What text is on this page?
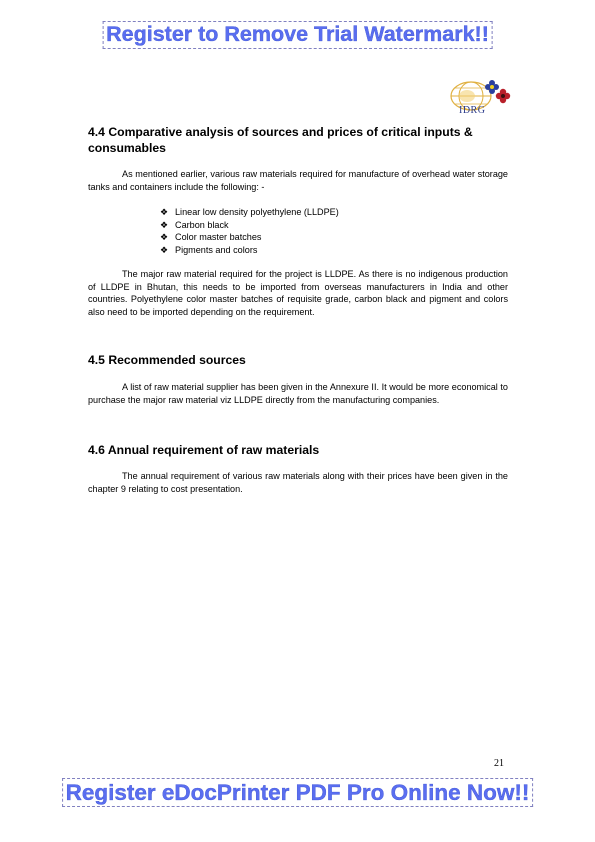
Register to Remove Trial Watermark!!
IDRG
4.4 Comparative analysis of sources and prices of critical inputs & consumables

As mentioned earlier, various raw materials required for manufacture of overhead water storage tanks and containers include the following: -

❖ Linear low density polyethylene (LLDPE)
❖ Carbon black
❖ Color master batches
❖ Pigments and colors

The major raw material required for the project is LLDPE. As there is no indigenous production of LLDPE in Bhutan, this needs to be imported from overseas manufacturers in India and other countries. Polyethylene color master batches of requisite grade, carbon black and pigment and colors also need to be imported depending on the requirement.

4.5 Recommended sources

A list of raw material supplier has been given in the Annexure II. It would be more economical to purchase the major raw material viz LLDPE directly from the manufacturing companies.

4.6 Annual requirement of raw materials

The annual requirement of various raw materials along with their prices have been given in the chapter 9 relating to cost presentation.

21
Register eDocPrinter PDF Pro Online Now!!
